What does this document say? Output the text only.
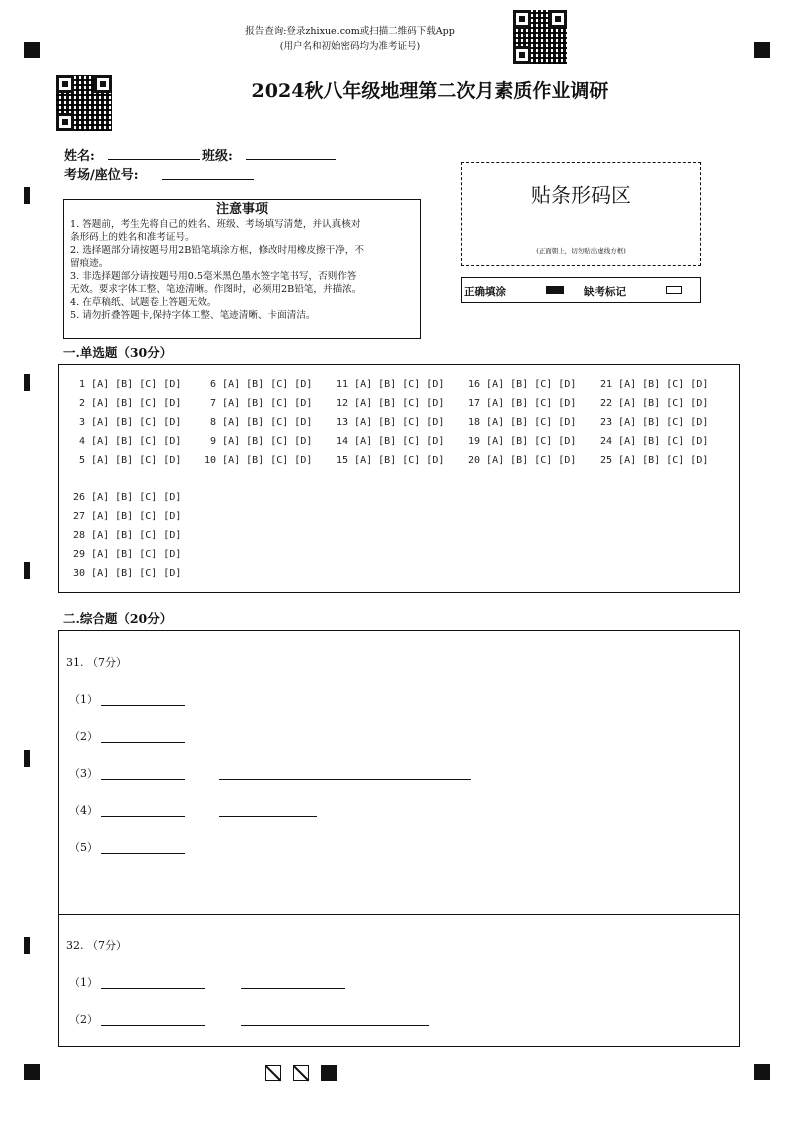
报告查询:登录zhixue.com或扫描二维码下载App
(用户名和初始密码均为准考证号)
2024秋八年级地理第二次月素质作业调研
姓名:	班级:
考场/座位号:
注意事项
1. 答题前，考生先将自己的姓名、班级、考场填写清楚，并认真核对
条形码上的姓名和准考证号。
2. 选择题部分请按题号用2B铅笔填涂方框，修改时用橡皮擦干净，不
留痕迹。
3. 非选择题部分请按题号用0.5毫米黑色墨水签字笔书写，否则作答
无效。要求字体工整、笔迹清晰。作图时，必须用2B铅笔，并描浓。
4. 在草稿纸、试题卷上答题无效。
5. 请勿折叠答题卡,保持字体工整、笔迹清晰、卡面清洁。
贴条形码区
(正面朝上，切勿贴出虚线方框)
正确填涂	缺考标记
一.单选题（30分）
1 [A] [B] [C] [D]
2 [A] [B] [C] [D]
3 [A] [B] [C] [D]
4 [A] [B] [C] [D]
5 [A] [B] [C] [D]
6 [A] [B] [C] [D]
7 [A] [B] [C] [D]
8 [A] [B] [C] [D]
9 [A] [B] [C] [D]
10 [A] [B] [C] [D]
11 [A] [B] [C] [D]
12 [A] [B] [C] [D]
13 [A] [B] [C] [D]
14 [A] [B] [C] [D]
15 [A] [B] [C] [D]
16 [A] [B] [C] [D]
17 [A] [B] [C] [D]
18 [A] [B] [C] [D]
19 [A] [B] [C] [D]
20 [A] [B] [C] [D]
21 [A] [B] [C] [D]
22 [A] [B] [C] [D]
23 [A] [B] [C] [D]
24 [A] [B] [C] [D]
25 [A] [B] [C] [D]
26 [A] [B] [C] [D]
27 [A] [B] [C] [D]
28 [A] [B] [C] [D]
29 [A] [B] [C] [D]
30 [A] [B] [C] [D]
二.综合题（20分）
31. （7分）
（1）
（2）
（3）
（4）
（5）
32. （7分）
（1）
（2）
